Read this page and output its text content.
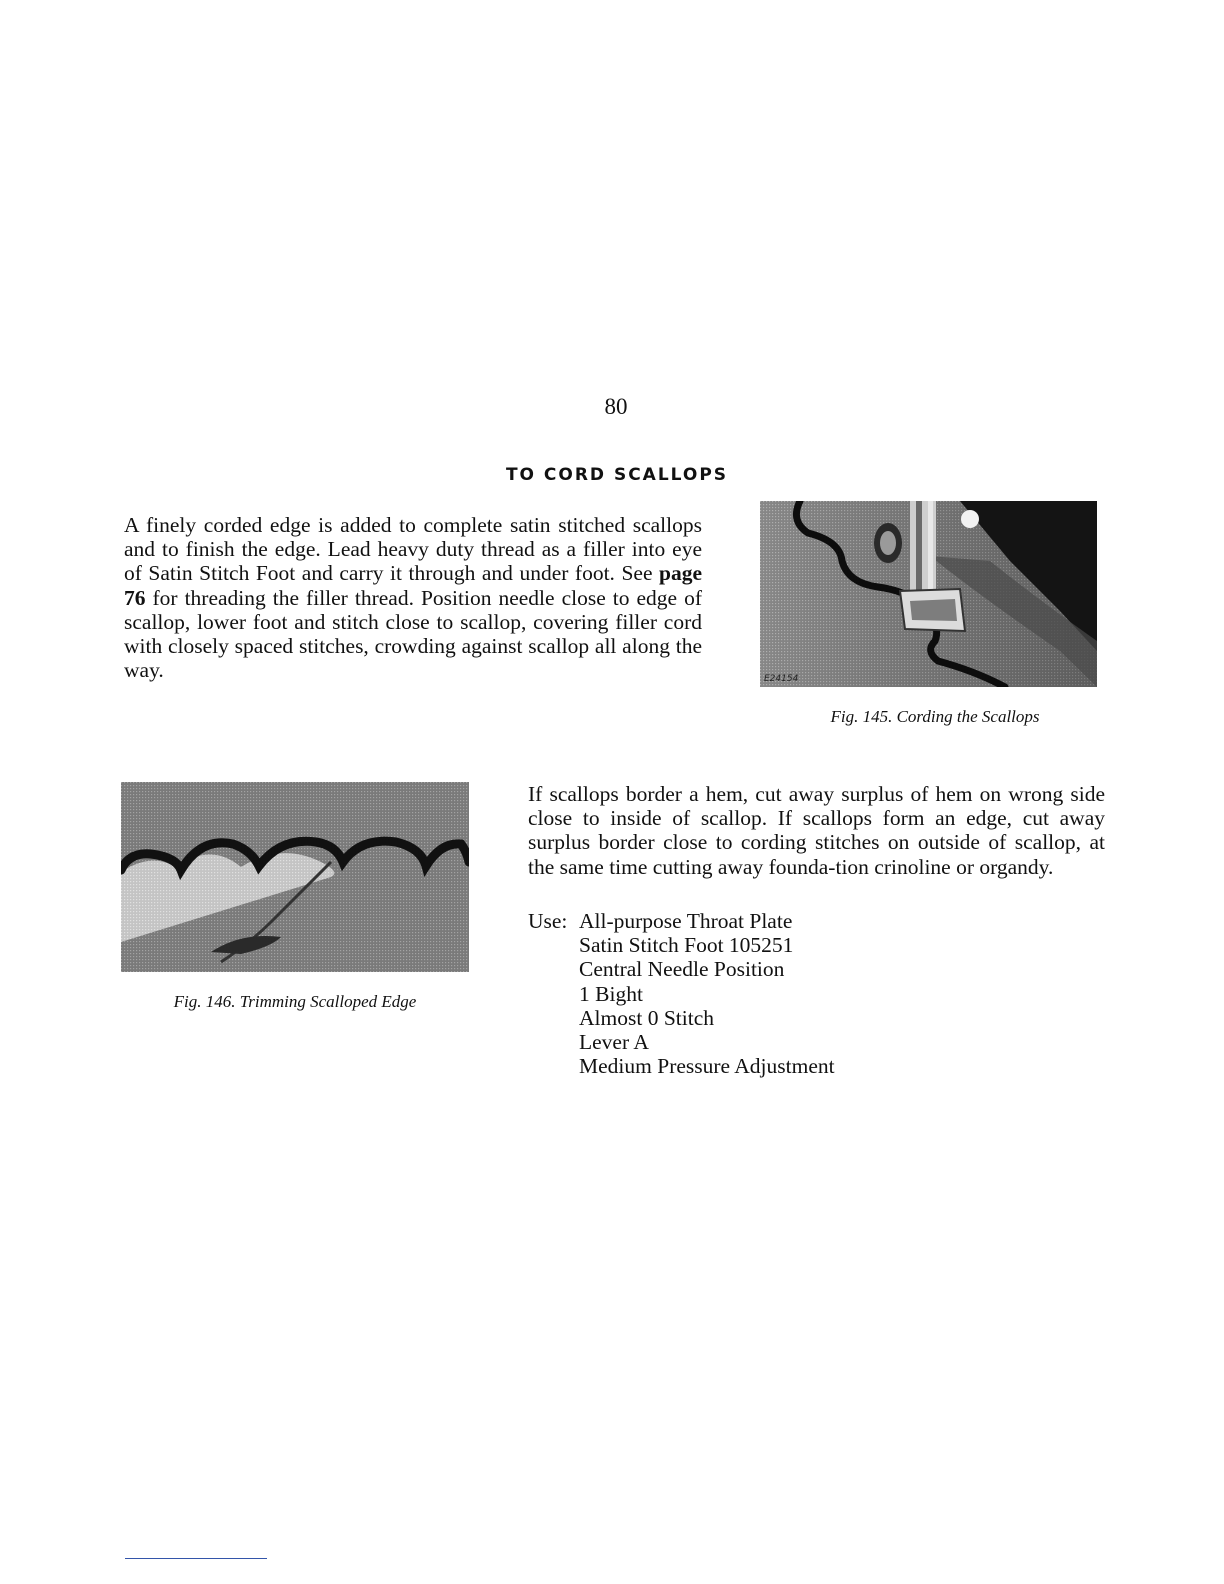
80
TO CORD SCALLOPS

A finely corded edge is added to complete satin stitched scallops and to finish the edge. Lead heavy duty thread as a filler into eye of Satin Stitch Foot and carry it through and under foot. See page 76 for threading the filler thread. Position needle close to edge of scallop, lower foot and stitch close to scallop, covering filler cord with closely spaced stitches, crowding against scallop all along the way.	E24154
Fig. 145. Cording the Scallops
Fig. 146. Trimming Scalloped Edge

If scallops border a hem, cut away surplus of hem on wrong side close to inside of scallop. If scallops form an edge, cut away surplus border close to cording stitches on outside of scallop, at the same time cutting away founda-tion crinoline or organdy.

Use: All-purpose Throat Plate
Satin Stitch Foot 105251
Central Needle Position
1 Bight
Almost 0 Stitch
Lever A
Medium Pressure Adjustment
